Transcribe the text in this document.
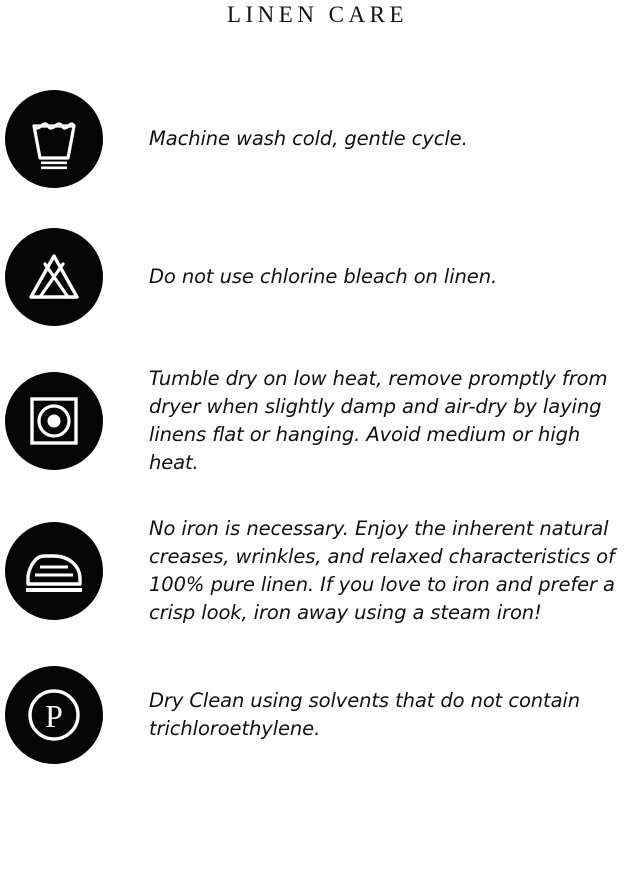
LINEN CARE
Machine wash cold, gentle cycle.
Do not use chlorine bleach on linen.
Tumble dry on low heat, remove promptly from dryer when slightly damp and air-dry by laying linens flat or hanging. Avoid medium or high heat.
No iron is necessary. Enjoy the inherent natural creases, wrinkles, and relaxed characteristics of 100% pure linen. If you love to iron and prefer a crisp look, iron away using a steam iron!
P	Dry Clean using solvents that do not contain trichloroethylene.
